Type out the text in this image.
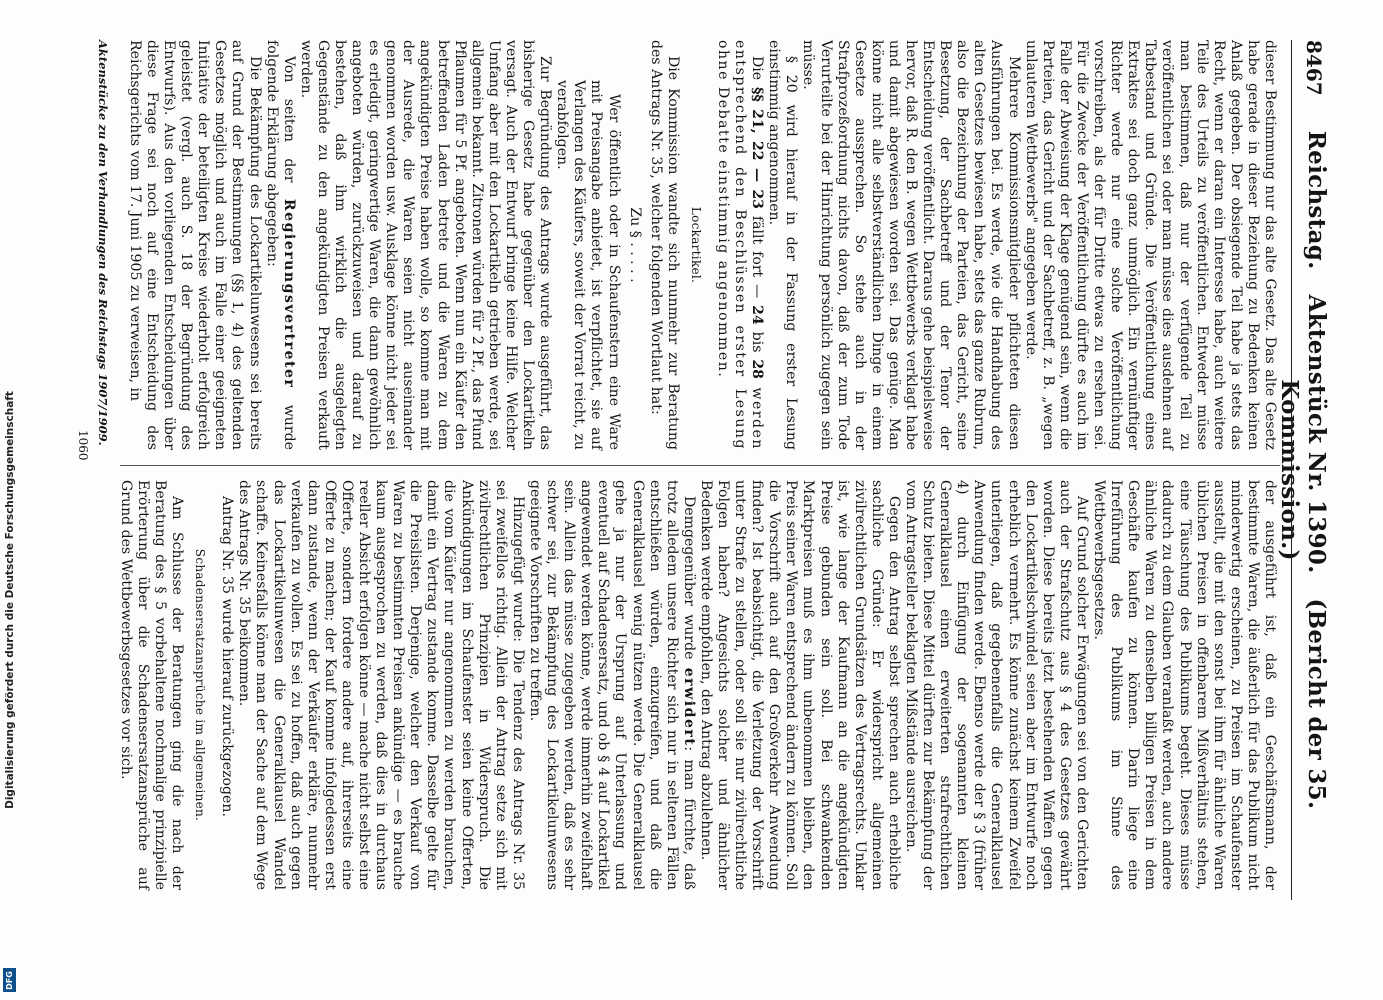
Digitalisierung gefördert durch die Deutsche Forschungsgemeinschaft
DFG
Reichstag.   Aktenstück Nr. 1390.   (Bericht der 35. Kommission.)
8467

dieser Bestimmung nur das alte Gesetz. Das alte Gesetz habe gerade in dieser Beziehung zu Bedenken keinen Anlaß gegeben. Der obsiegende Teil habe ja stets das Recht, wenn er daran ein Interesse habe, auch weitere Teile des Urteils zu veröffentlichen. Entweder müsse man bestimmen, daß nur der verfügende Teil zu veröffentlichen sei oder man müsse dies ausdehnen auf Tatbestand und Gründe. Die Veröffentlichung eines Extraktes sei doch ganz unmöglich. Ein vernünftiger Richter werde nur eine solche Veröffentlichung vorschreiben, als der für Dritte etwas zu ersehen sei. Für die Zwecke der Veröffentlichung dürfte es auch im Falle der Abweisung der Klage genügend sein, wenn die Parteien, das Gericht und der Sachbetreff, z. B. „wegen unlauteren Wettbewerbs" angegeben werde.

Mehrere Kommissionsmitglieder pflichteten diesen Ausführungen bei. Es werde, wie die Handhabung des alten Gesetzes bewiesen habe, stets das ganze Rubrum, also die Bezeichnung der Parteien, das Gericht, seine Besetzung, der Sachbetreff und der Tenor der Entscheidung veröffentlicht. Daraus gehe beispielsweise hervor, daß R. den B. wegen Wettbewerbs verklagt habe und damit abgewiesen worden sei. Das genüge. Man könne nicht alle selbstverständlichen Dinge in einem Gesetze aussprechen. So stehe auch in der Strafprozeßordnung nichts davon, daß der zum Tode Verurteilte bei der Hinrichtung persönlich zugegen sein müsse.

§ 20 wird hierauf in der Fassung erster Lesung einstimmig angenommen.

Die §§ 21, 22 — 23 fällt fort — 24 bis 28 werden entsprechend den Beschlüssen erster Lesung ohne Debatte einstimmig angenommen.

Lockartikel.

Die Kommission wandte sich nunmehr zur Beratung des Antrags Nr. 35, welcher folgenden Wortlaut hat:

Zu § . . . . .

Wer öffentlich oder in Schaufenstern eine Ware mit Preisangabe anbietet, ist verpflichtet, sie auf Verlangen des Käufers, soweit der Vorrat reicht, zu verabfolgen.

Zur Begründung des Antrags wurde ausgeführt, das bisherige Gesetz habe gegenüber den Lockartikeln versagt. Auch der Entwurf bringe keine Hilfe. Welcher Umfang aber mit den Lockartikeln getrieben werde, sei allgemein bekannt. Zitronen würden für 2 Pf., das Pfund Pflaumen für 5 Pf. angeboten. Wenn nun ein Käufer den betreffenden Laden betrete und die Waren zu dem angekündigten Preise haben wolle, so komme man mit der Ausrede, die Waren seien nicht auseinander genommen worden usw. Ausklage könne nicht jeder sei es erledigt, geringwertige Waren, die dann gewöhnlich angeboten würden, zurückzuweisen und darauf zu bestehen, daß ihm wirklich die ausgelegten Gegenstände zu den angekündigten Preisen verkauft werden.

Von seiten der Regierungsvertreter wurde folgende Erklärung abgegeben:

Die Bekämpfung des Lockartikelunwesens sei bereits auf Grund der Bestimmungen (§§ 1, 4) des geltenden Gesetzes möglich und auch im Falle einer geeigneten Initiative der beteiligten Kreise wiederholt erfolgreich geleistet (vergl. auch S. 18 der Begründung des Entwurfs). Aus den vorliegenden Entscheidungen über diese Frage sei noch auf eine Entscheidung des Reichsgerichts vom 17. Juni 1905 zu verweisen, in

der ausgeführt ist, daß ein Geschäftsmann, der bestimmte Waren, die äußerlich für das Publikum nicht minderwertig erscheinen, zu Preisen im Schaufenster ausstellt, die mit den sonst bei ihm für ähnliche Waren üblichen Preisen in offenbarem Mißverhältnis stehen, eine Täuschung des Publikums begeht. Dieses müsse dadurch zu dem Glauben veranlaßt werden, auch andere ähnliche Waren zu denselben billigen Preisen in dem Geschäfte kaufen zu können. Darin liege eine Irreführung des Publikums im Sinne des Wettbewerbsgesetzes.

Auf Grund solcher Erwägungen sei von den Gerichten auch der Strafschutz aus § 4 des Gesetzes gewährt worden. Diese bereits jetzt bestehenden Waffen gegen den Lockartikelschwindel seien aber im Entwurfe noch erheblich vermehrt. Es könne zunächst keinem Zweifel unterliegen, daß gegebenenfalls die Generalklausel Anwendung finden werde. Ebenso werde der § 3 (früher 4) durch Einfügung der sogenannten kleinen Generalklausel einen erweiterten strafrechtlichen Schutz bieten. Diese Mittel dürften zur Bekämpfung der vom Antragsteller beklagten Mißstände ausreichen.

Gegen den Antrag selbst sprechen auch erhebliche sachliche Gründe: Er widerspricht allgemeinen zivilrechtlichen Grundsätzen des Vertragsrechts. Unklar ist, wie lange der Kaufmann an die angekündigten Preise gebunden sein soll. Bei schwankenden Marktpreisen muß es ihm unbenommen bleiben, den Preis seiner Waren entsprechend ändern zu können. Soll die Vorschrift auch auf den Großverkehr Anwendung finden? Ist beabsichtigt, die Verletzung der Vorschrift unter Strafe zu stellen, oder soll sie nur zivilrechtliche Folgen haben? Angesichts solcher und ähnlicher Bedenken werde empfohlen, den Antrag abzulehnen.

Demgegenüber wurde erwidert: man fürchte, daß trotz alledem unsere Richter sich nur in seltenen Fällen entschließen würden, einzugreifen, und daß die Generalklausel wenig nützen werde. Die Generalklausel gehe ja nur der Ursprung auf Unterlassung und eventuell auf Schadensersatz, und ob § 4 auf Lockartikel angewendet werden könne, werde immerhin zweifelhaft sein. Allein das müsse zugegeben werden, daß es sehr schwer sei, zur Bekämpfung des Lockartikelunwesens geeignete Vorschriften zu treffen.

Hinzugefügt wurde: Die Tendenz des Antrags Nr. 35 sei zweifellos richtig. Allein der Antrag setze sich mit zivilrechtlichen Prinzipien in Widerspruch. Die Ankündigungen im Schaufenster seien keine Offerten, die vom Käufer nur angenommen zu werden brauchen, damit ein Vertrag zustande komme. Dasselbe gelte für die Preislisten. Derjenige, welcher den Verkauf von Waren zu bestimmten Preisen ankündige — es brauche kaum ausgesprochen zu werden, daß dies in durchaus reeller Absicht erfolgen könne — mache nicht selbst eine Offerte, sondern fordere andere auf, ihrerseits eine Offerte zu machen; der Kauf komme infolgedessen erst dann zustande, wenn der Verkäufer erkläre, nunmehr verkaufen zu wollen. Es sei zu hoffen, daß auch gegen das Lockartikelunwesen die Generalklausel Wandel schaffe. Keinesfalls könne man der Sache auf dem Wege des Antrags Nr. 35 beikommen.

Antrag Nr. 35 wurde hierauf zurückgezogen.

Schadensersatzansprüche im allgemeinen.

Am Schlusse der Beratungen ging die nach der Beratung des § 5 vorbehaltene nochmalige prinzipielle Erörterung über die Schadensersatzansprüche auf Grund des Wettbewerbsgesetzes vor sich.

Aktenstücke zu den Verhandlungen des Reichstags 1907/1909.
1060
